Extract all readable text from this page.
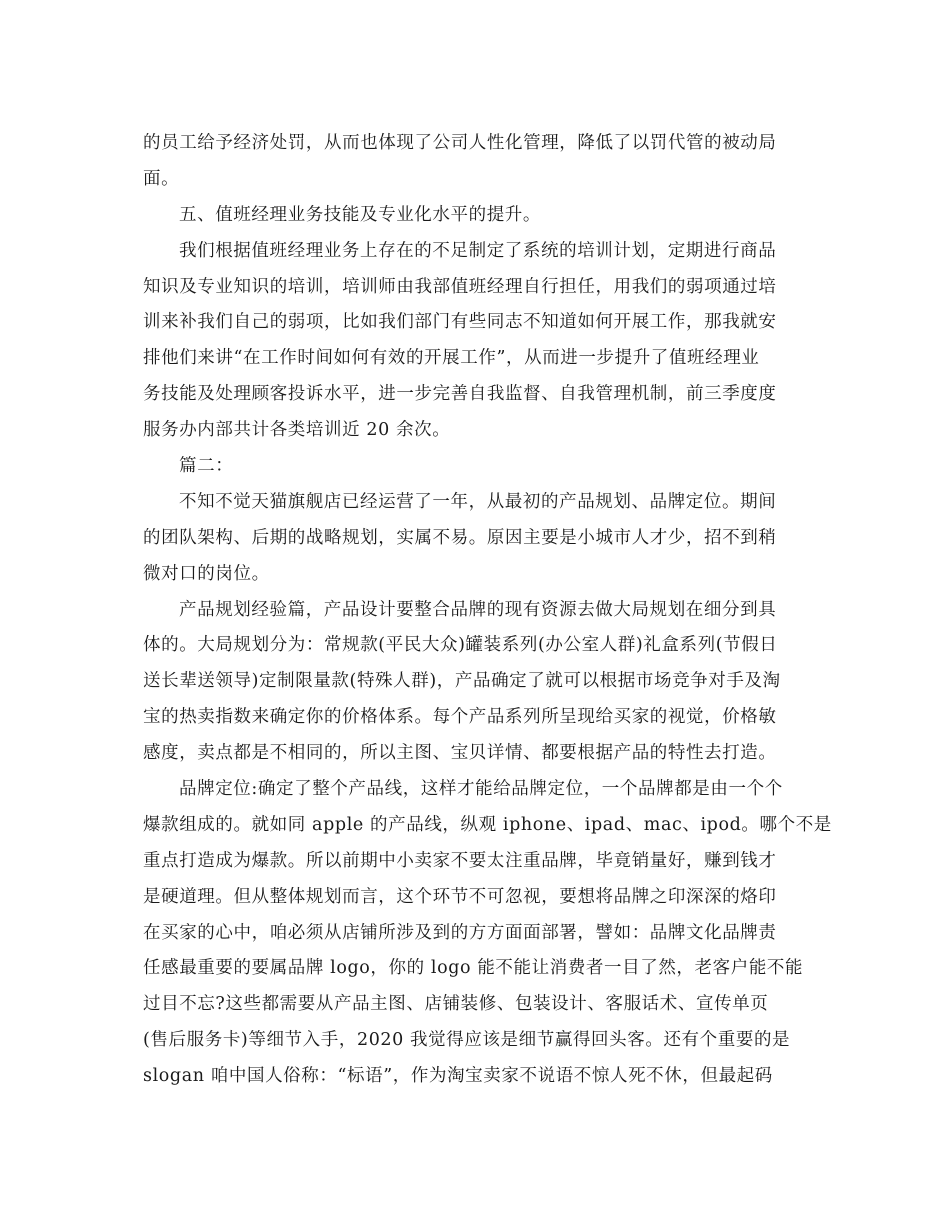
的员工给予经济处罚，从而也体现了公司人性化管理，降低了以罚代管的被动局
面。
五、值班经理业务技能及专业化水平的提升。
我们根据值班经理业务上存在的不足制定了系统的培训计划，定期进行商品
知识及专业知识的培训，培训师由我部值班经理自行担任，用我们的弱项通过培
训来补我们自己的弱项，比如我们部门有些同志不知道如何开展工作，那我就安
排他们来讲“在工作时间如何有效的开展工作”，从而进一步提升了值班经理业
务技能及处理顾客投诉水平，进一步完善自我监督、自我管理机制，前三季度度
服务办内部共计各类培训近 20 余次。
篇二：
不知不觉天猫旗舰店已经运营了一年，从最初的产品规划、品牌定位。期间
的团队架构、后期的战略规划，实属不易。原因主要是小城市人才少，招不到稍
微对口的岗位。
产品规划经验篇，产品设计要整合品牌的现有资源去做大局规划在细分到具
体的。大局规划分为：常规款(平民大众)罐装系列(办公室人群)礼盒系列(节假日
送长辈送领导)定制限量款(特殊人群)，产品确定了就可以根据市场竞争对手及淘
宝的热卖指数来确定你的价格体系。每个产品系列所呈现给买家的视觉，价格敏
感度，卖点都是不相同的，所以主图、宝贝详情、都要根据产品的特性去打造。
品牌定位:确定了整个产品线，这样才能给品牌定位，一个品牌都是由一个个
爆款组成的。就如同 apple 的产品线，纵观 iphone、ipad、mac、ipod。哪个不是
重点打造成为爆款。所以前期中小卖家不要太注重品牌，毕竟销量好，赚到钱才
是硬道理。但从整体规划而言，这个环节不可忽视，要想将品牌之印深深的烙印
在买家的心中，咱必须从店铺所涉及到的方方面面部署，譬如：品牌文化品牌责
任感最重要的要属品牌 logo，你的 logo 能不能让消费者一目了然，老客户能不能
过目不忘?这些都需要从产品主图、店铺装修、包装设计、客服话术、宣传单页
(售后服务卡)等细节入手，2020 我觉得应该是细节赢得回头客。还有个重要的是
slogan 咱中国人俗称：“标语”，作为淘宝卖家不说语不惊人死不休，但最起码
